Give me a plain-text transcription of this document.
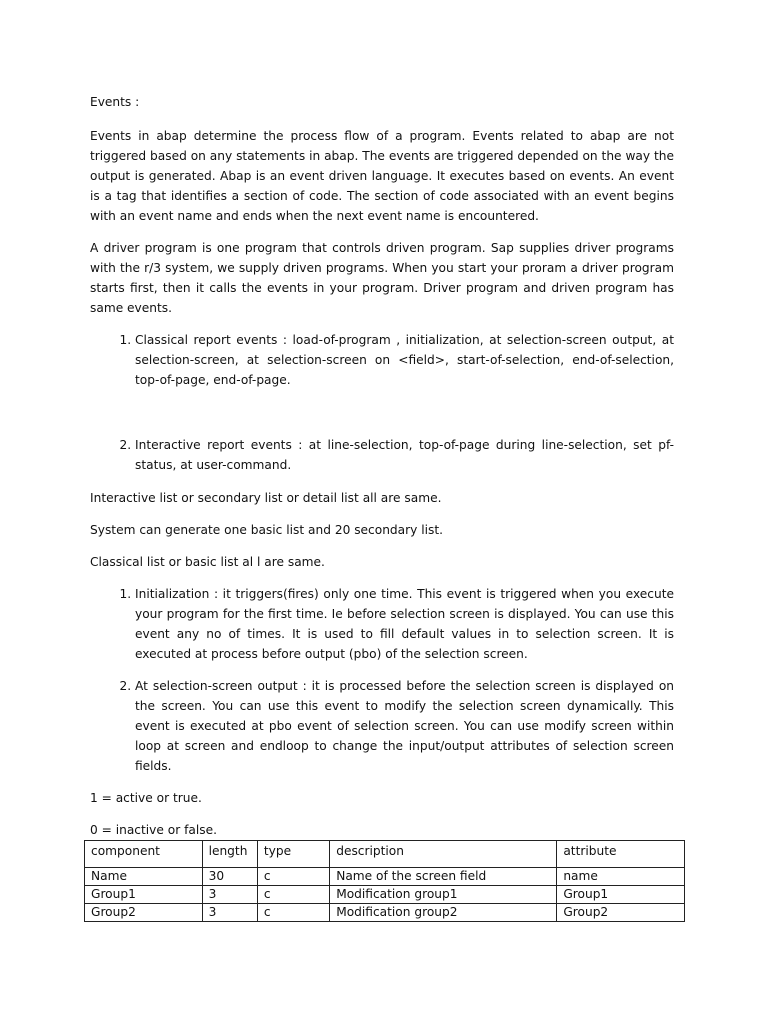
Events :

Events in abap determine the process flow of a program. Events related to abap are not triggered based on any statements in abap. The events are triggered depended on the way the output is generated. Abap is an event driven language. It executes based on events. An event is a tag that identifies a section of code. The section of code associated with an event begins with an event name and ends when the next event name is encountered.

A driver program is one program that controls driven program. Sap supplies driver programs with the r/3 system, we supply driven programs. When you start your proram a driver program starts first, then it calls the events in your program. Driver program and driven program has same events.

1. Classical report events : load-of-program , initialization, at selection-screen output, at selection-screen, at selection-screen on <field>, start-of-selection, end-of-selection, top-of-page, end-of-page.
2. Interactive report events : at line-selection, top-of-page during line-selection, set pf-status, at user-command.

Interactive list or secondary list or detail list all are same.

System can generate one basic list and 20 secondary list.

Classical list or basic list al l are same.

1. Initialization : it triggers(fires) only one time. This event is triggered when you execute your program for the first time. Ie before selection screen is displayed. You can use this event any no of times. It is used to fill default values in to selection screen. It is executed at process before output (pbo) of the selection screen.
2. At selection-screen output : it is processed before the selection screen is displayed on the screen. You can use this event to modify the selection screen dynamically. This event is executed at pbo event of selection screen. You can use modify screen within loop at screen and endloop to change the input/output attributes of selection screen fields.

1 = active or true.

0 = inactive or false.

component	length	type	description	attribute
Name	30	c	Name of the screen field	name
Group1	3	c	Modification group1	Group1
Group2	3	c	Modification group2	Group2
